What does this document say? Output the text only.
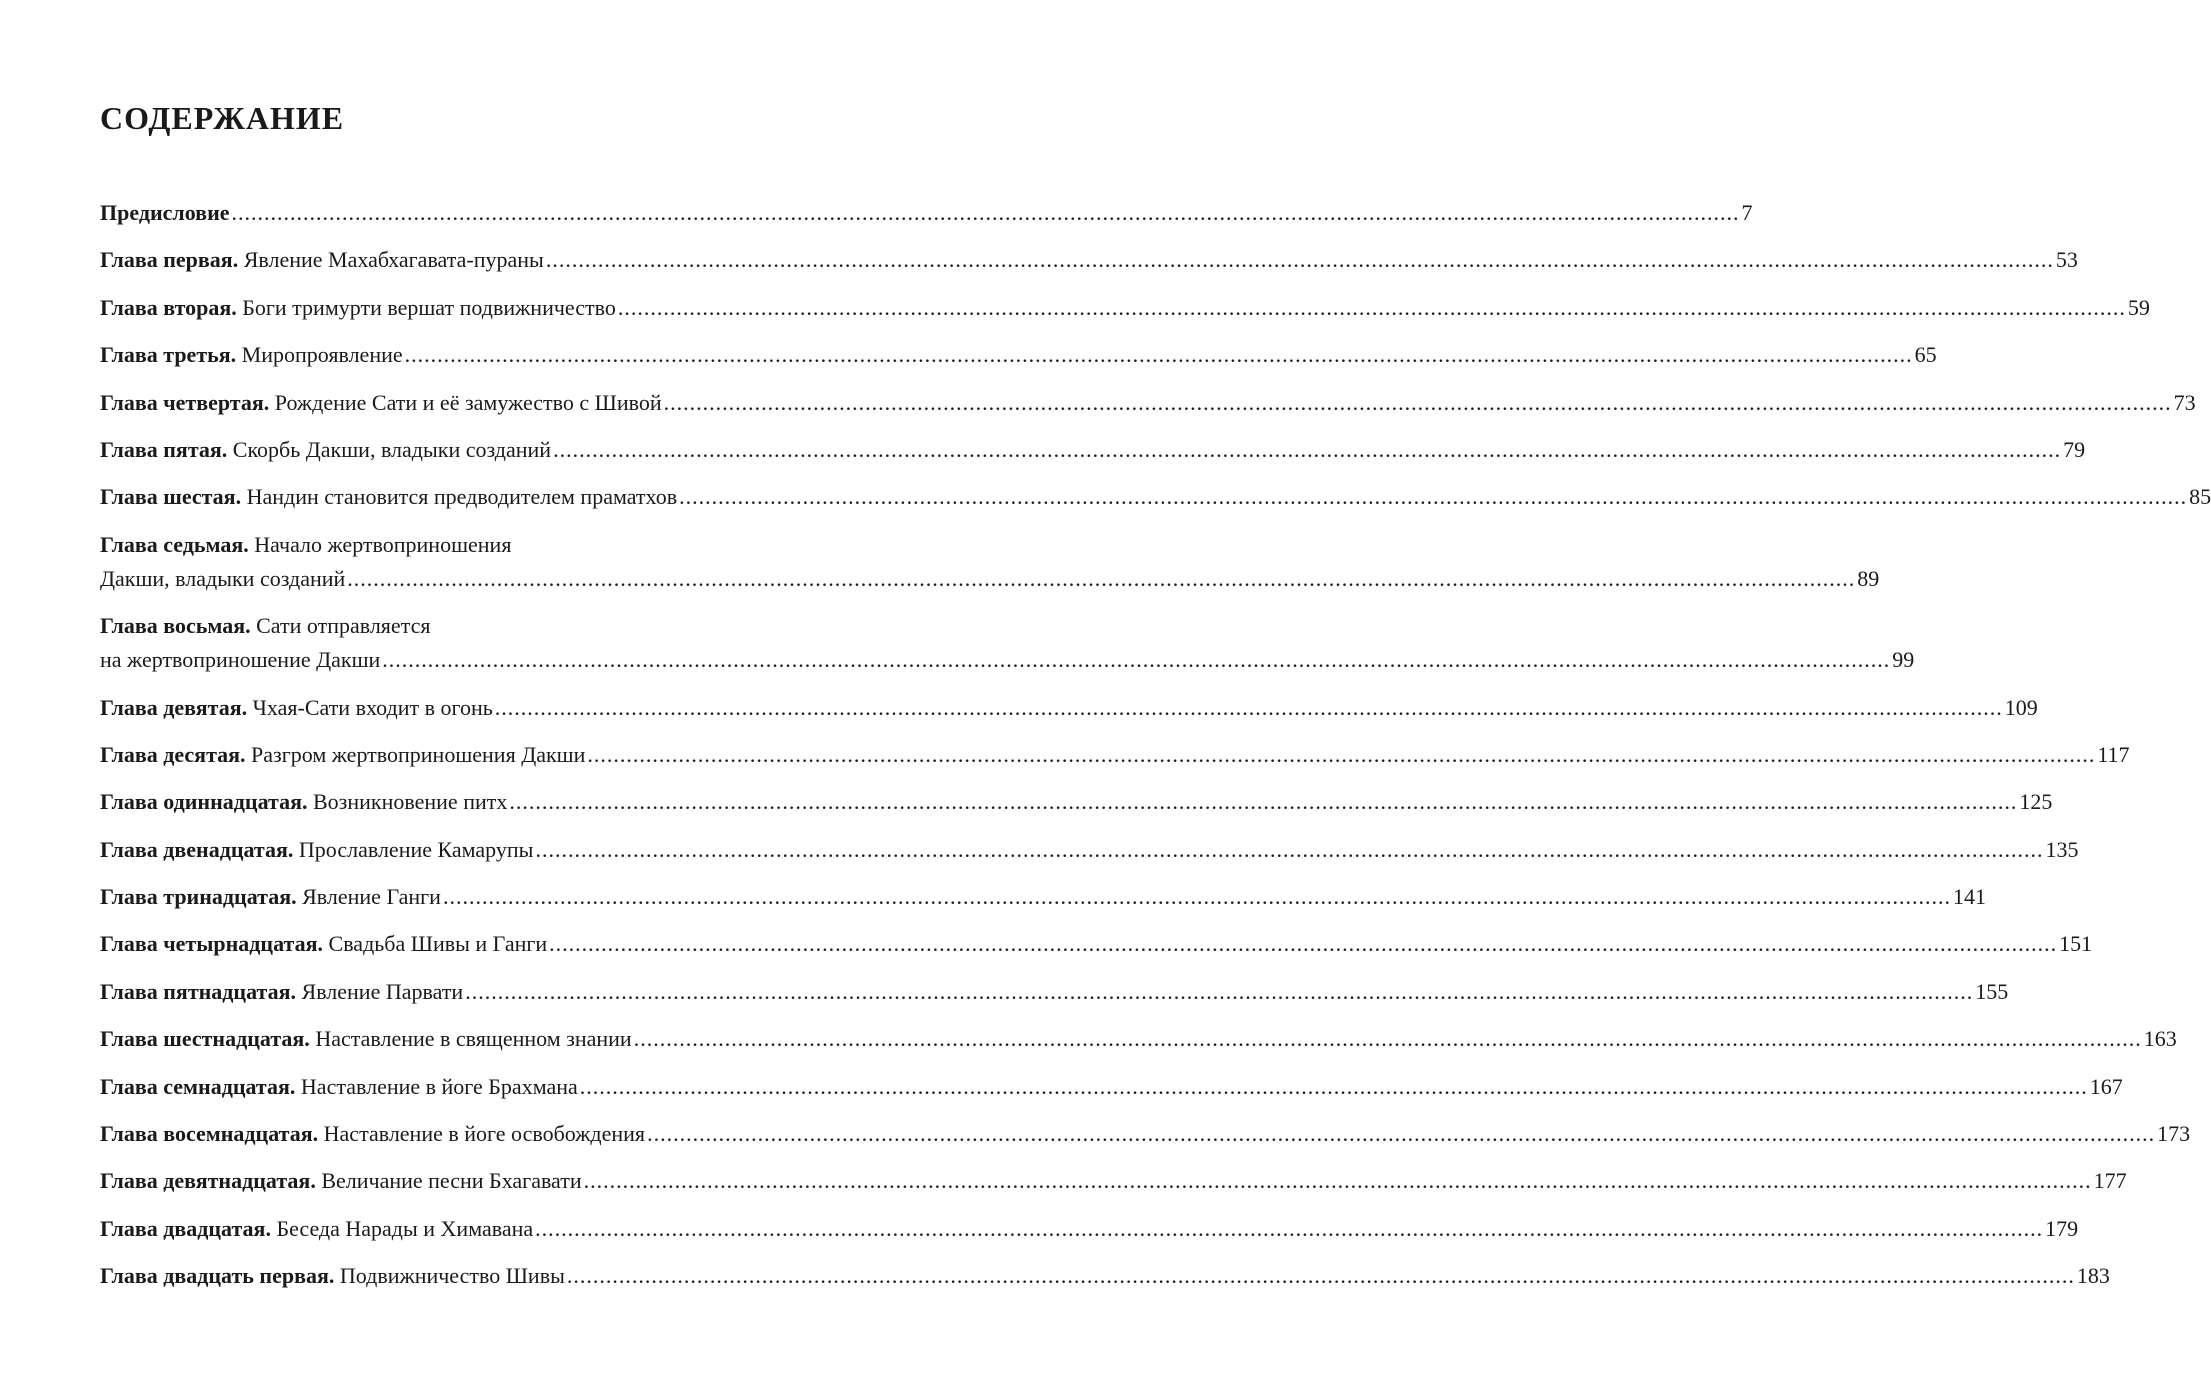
СОДЕРЖАНИЕ
Предисловие .....	7
Глава первая. Явление Махабхагавата-пураны .....	53
Глава вторая. Боги тримурти вершат подвижничество .....	59
Глава третья. Миропроявление .....	65
Глава четвертая. Рождение Сати и её замужество с Шивой .....	73
Глава пятая. Скорбь Дакши, владыки созданий .....	79
Глава шестая. Нандин становится предводителем праматхов .....	85
Глава седьмая. Начало жертвоприношения
Дакши, владыки созданий .....	89
Глава восьмая. Сати отправляется
на жертвоприношение Дакши .....	99
Глава девятая. Чхая-Сати входит в огонь .....	109
Глава десятая. Разгром жертвоприношения Дакши .....	117
Глава одиннадцатая. Возникновение питх .....	125
Глава двенадцатая. Прославление Камарупы .....	135
Глава тринадцатая. Явление Ганги .....	141
Глава четырнадцатая. Свадьба Шивы и Ганги .....	151
Глава пятнадцатая. Явление Парвати .....	155
Глава шестнадцатая. Наставление в священном знании .....	163
Глава семнадцатая. Наставление в йоге Брахмана .....	167
Глава восемнадцатая. Наставление в йоге освобождения .....	173
Глава девятнадцатая. Величание песни Бхагавати .....	177
Глава двадцатая. Беседа Нарады и Химавана .....	179
Глава двадцать первая. Подвижничество Шивы .....	183
